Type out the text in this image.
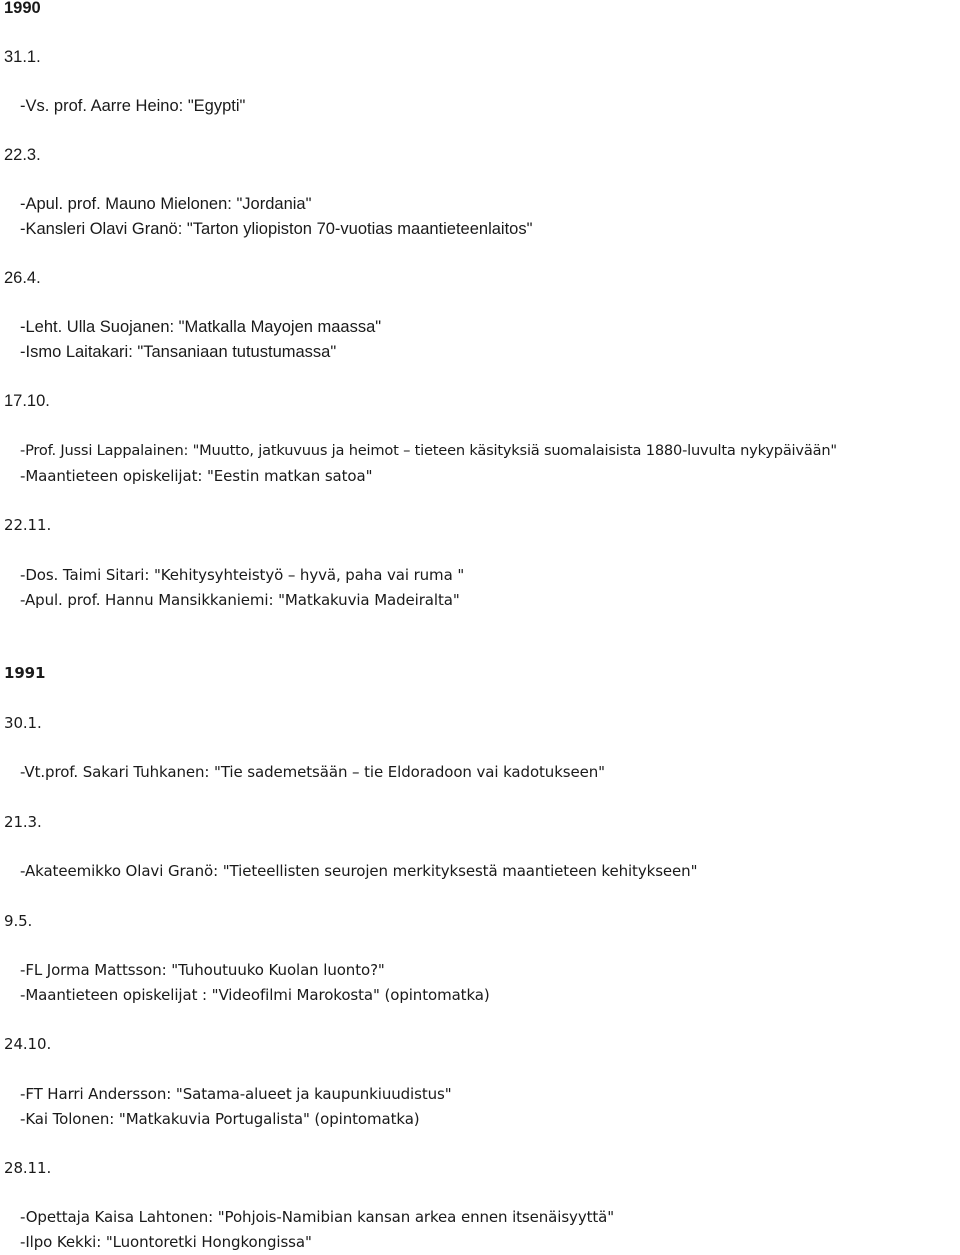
1990
31.1.
-Vs. prof. Aarre Heino: "Egypti"
22.3.
-Apul. prof. Mauno Mielonen: "Jordania"
-Kansleri Olavi Granö: "Tarton yliopiston 70-vuotias maantieteenlaitos"
26.4.
-Leht. Ulla Suojanen: "Matkalla Mayojen maassa"
-Ismo Laitakari: "Tansaniaan tutustumassa"
17.10.
-Prof. Jussi Lappalainen: "Muutto, jatkuvuus ja heimot – tieteen käsityksiä suomalaisista 1880-luvulta nykypäivään"
-Maantieteen opiskelijat: "Eestin matkan satoa"
22.11.
-Dos. Taimi Sitari: "Kehitysyhteistyö – hyvä, paha vai ruma "
-Apul. prof. Hannu Mansikkaniemi: "Matkakuvia Madeiralta"
1991
30.1.
-Vt.prof. Sakari Tuhkanen: "Tie sademetsään – tie Eldoradoon vai kadotukseen"
21.3.
-Akateemikko Olavi Granö: "Tieteellisten seurojen merkityksestä maantieteen kehitykseen"
9.5.
-FL Jorma Mattsson: "Tuhoutuuko Kuolan luonto?"
-Maantieteen opiskelijat : "Videofilmi Marokosta" (opintomatka)
24.10.
-FT Harri Andersson: "Satama-alueet ja kaupunkiuudistus"
-Kai Tolonen: "Matkakuvia Portugalista" (opintomatka)
28.11.
-Opettaja Kaisa Lahtonen: "Pohjois-Namibian kansan arkea ennen itsenäisyyttä"
-Ilpo Kekki: "Luontoretki Hongkongissa"
